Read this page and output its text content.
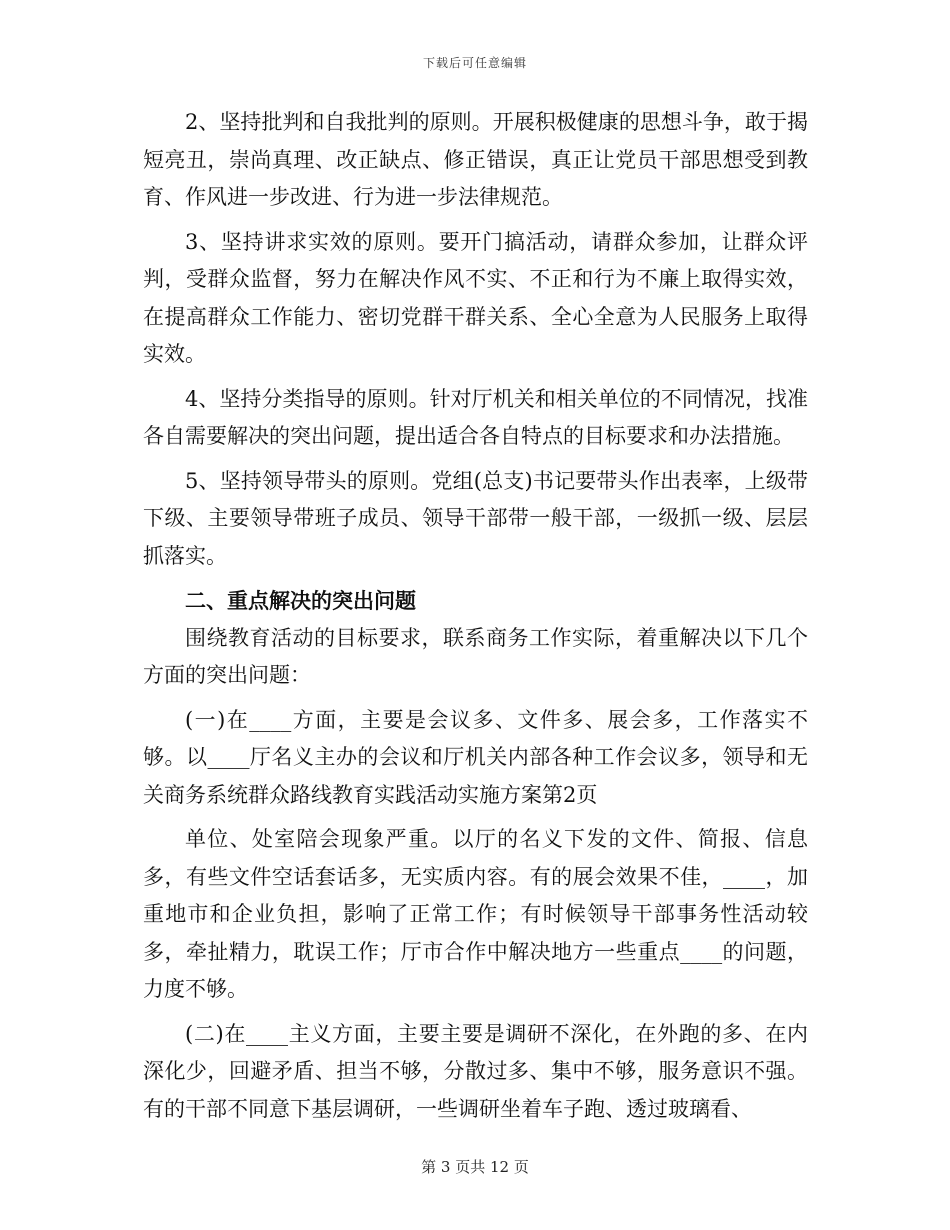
下载后可任意编辑

2、坚持批判和自我批判的原则。开展积极健康的思想斗争，敢于揭短亮丑，崇尚真理、改正缺点、修正错误，真正让党员干部思想受到教育、作风进一步改进、行为进一步法律规范。

3、坚持讲求实效的原则。要开门搞活动，请群众参加，让群众评判，受群众监督，努力在解决作风不实、不正和行为不廉上取得实效，在提高群众工作能力、密切党群干群关系、全心全意为人民服务上取得实效。

4、坚持分类指导的原则。针对厅机关和相关单位的不同情况，找准各自需要解决的突出问题，提出适合各自特点的目标要求和办法措施。

5、坚持领导带头的原则。党组(总支)书记要带头作出表率，上级带下级、主要领导带班子成员、领导干部带一般干部，一级抓一级、层层抓落实。

二、重点解决的突出问题

围绕教育活动的目标要求，联系商务工作实际，着重解决以下几个方面的突出问题：

(一)在____方面，主要是会议多、文件多、展会多，工作落实不够。以____厅名义主办的会议和厅机关内部各种工作会议多，领导和无关商务系统群众路线教育实践活动实施方案第2页

单位、处室陪会现象严重。以厅的名义下发的文件、简报、信息多，有些文件空话套话多，无实质内容。有的展会效果不佳，____，加重地市和企业负担，影响了正常工作；有时候领导干部事务性活动较多，牵扯精力，耽误工作；厅市合作中解决地方一些重点____的问题，力度不够。

(二)在____主义方面，主要主要是调研不深化，在外跑的多、在内深化少，回避矛盾、担当不够，分散过多、集中不够，服务意识不强。有的干部不同意下基层调研，一些调研坐着车子跑、透过玻璃看、

第 3 页共 12 页
